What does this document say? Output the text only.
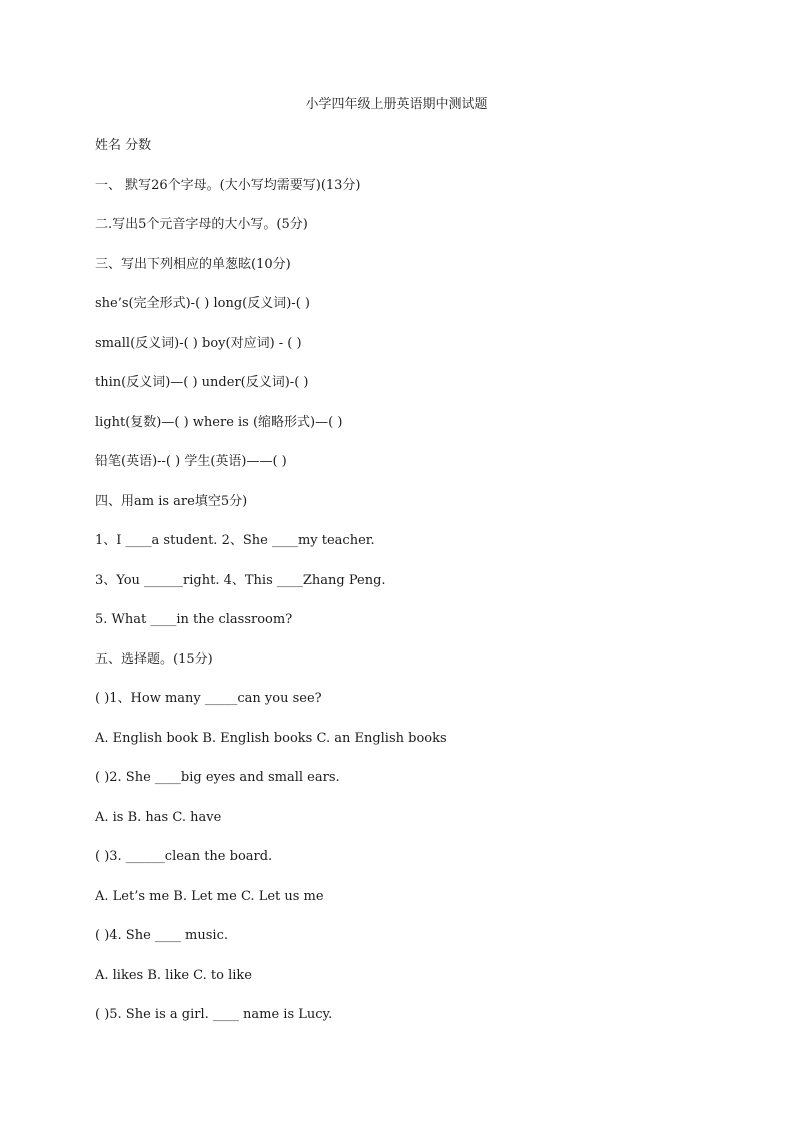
小学四年级上册英语期中测试题
姓名 分数
一、 默写26个字母。(大小写均需要写)(13分)
二.写出5个元音字母的大小写。(5分)
三、写出下列相应的单葱眩(10分)
she’s(完全形式)-( ) long(反义词)-( )
small(反义词)-( ) boy(对应词) - ( )
thin(反义词)—( ) under(反义词)-( )
light(复数)—( ) where is (缩略形式)—( )
铅笔(英语)--( ) 学生(英语)——( )
四、用am is are填空5分)
1、I ____a student. 2、She ____my teacher.
3、You ______right. 4、This ____Zhang Peng.
5. What ____in the classroom?
五、选择题。(15分)
( )1、How many _____can you see?
A. English book B. English books C. an English books
( )2. She ____big eyes and small ears.
A. is B. has C. have
( )3. ______clean the board.
A. Let’s me B. Let me C. Let us me
( )4. She ____ music.
A. likes B. like C. to like
( )5. She is a girl. ____ name is Lucy.
